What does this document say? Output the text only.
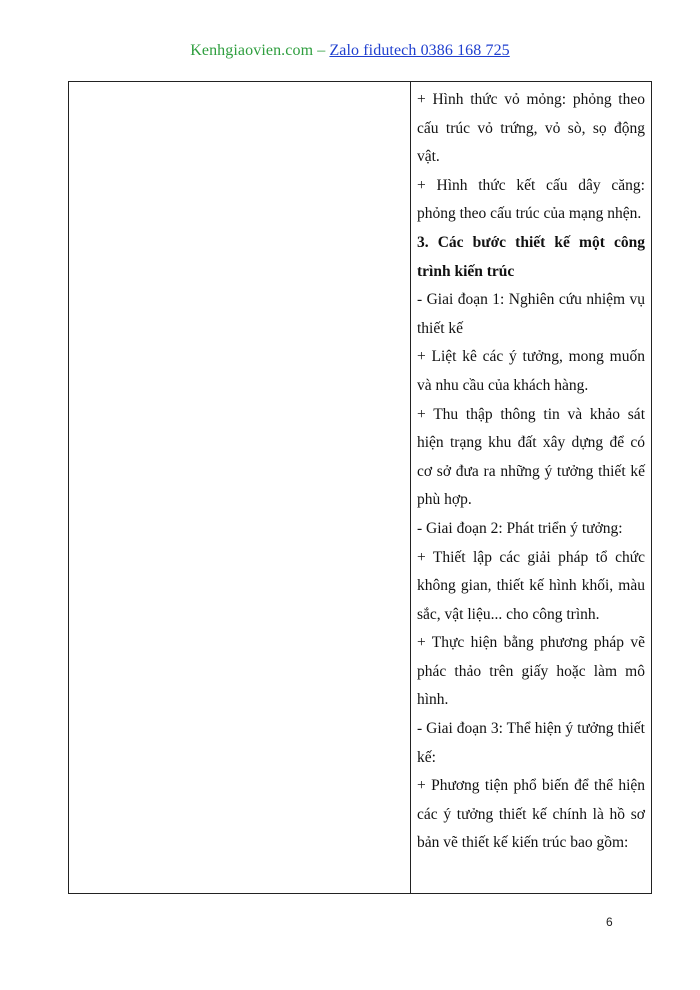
Kenhgiaovien.com – Zalo fidutech 0386 168 725

+ Hình thức vỏ mỏng: phỏng theo cấu trúc vỏ trứng, vỏ sò, sọ động vật.

+ Hình thức kết cấu dây căng: phỏng theo cấu trúc của mạng nhện.

3. Các bước thiết kế một công trình kiến trúc

- Giai đoạn 1: Nghiên cứu nhiệm vụ thiết kế

+ Liệt kê các ý tưởng, mong muốn và nhu cầu của khách hàng.

+ Thu thập thông tin và khảo sát hiện trạng khu đất xây dựng để có cơ sở đưa ra những ý tưởng thiết kế phù hợp.

- Giai đoạn 2: Phát triển ý tưởng:

+ Thiết lập các giải pháp tổ chức không gian, thiết kế hình khối, màu sắc, vật liệu... cho công trình.

+ Thực hiện bằng phương pháp vẽ phác thảo trên giấy hoặc làm mô hình.

- Giai đoạn 3: Thể hiện ý tưởng thiết kế:

+ Phương tiện phổ biến để thể hiện các ý tưởng thiết kế chính là hồ sơ bản vẽ thiết kế kiến trúc bao gồm:

6
